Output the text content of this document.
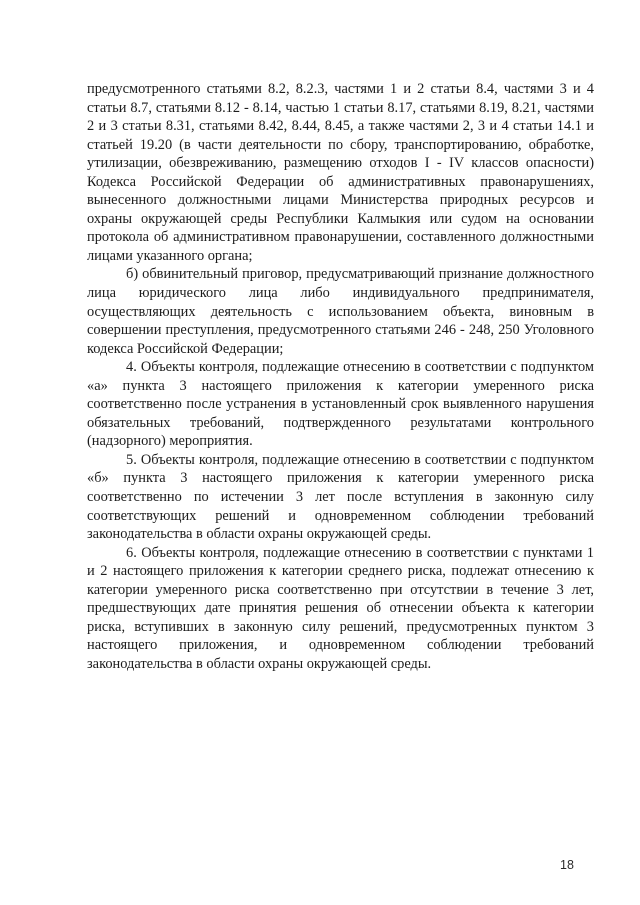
предусмотренного статьями 8.2, 8.2.3, частями 1 и 2 статьи 8.4, частями 3 и 4 статьи 8.7, статьями 8.12 - 8.14, частью 1 статьи 8.17, статьями 8.19, 8.21, частями 2 и 3 статьи 8.31, статьями 8.42, 8.44, 8.45, а также частями 2, 3 и 4 статьи 14.1 и статьей 19.20 (в части деятельности по сбору, транспортированию, обработке, утилизации, обезвреживанию, размещению отходов I - IV классов опасности) Кодекса Российской Федерации об административных правонарушениях, вынесенного должностными лицами Министерства природных ресурсов и охраны окружающей среды Республики Калмыкия или судом на основании протокола об административном правонарушении, составленного должностными лицами указанного органа;

б) обвинительный приговор, предусматривающий признание должностного лица юридического лица либо индивидуального предпринимателя, осуществляющих деятельность с использованием объекта, виновным в совершении преступления, предусмотренного статьями 246 - 248, 250 Уголовного кодекса Российской Федерации;

4. Объекты контроля, подлежащие отнесению в соответствии с подпунктом «а» пункта 3 настоящего приложения к категории умеренного риска соответственно после устранения в установленный срок выявленного нарушения обязательных требований, подтвержденного результатами контрольного (надзорного) мероприятия.

5. Объекты контроля, подлежащие отнесению в соответствии с подпунктом «б» пункта 3 настоящего приложения к категории умеренного риска соответственно по истечении 3 лет после вступления в законную силу соответствующих решений и одновременном соблюдении требований законодательства в области охраны окружающей среды.

6. Объекты контроля, подлежащие отнесению в соответствии с пунктами 1 и 2 настоящего приложения к категории среднего риска, подлежат отнесению к категории умеренного риска соответственно при отсутствии в течение 3 лет, предшествующих дате принятия решения об отнесении объекта к категории риска, вступивших в законную силу решений, предусмотренных пунктом 3 настоящего приложения, и одновременном соблюдении требований законодательства в области охраны окружающей среды.

18
